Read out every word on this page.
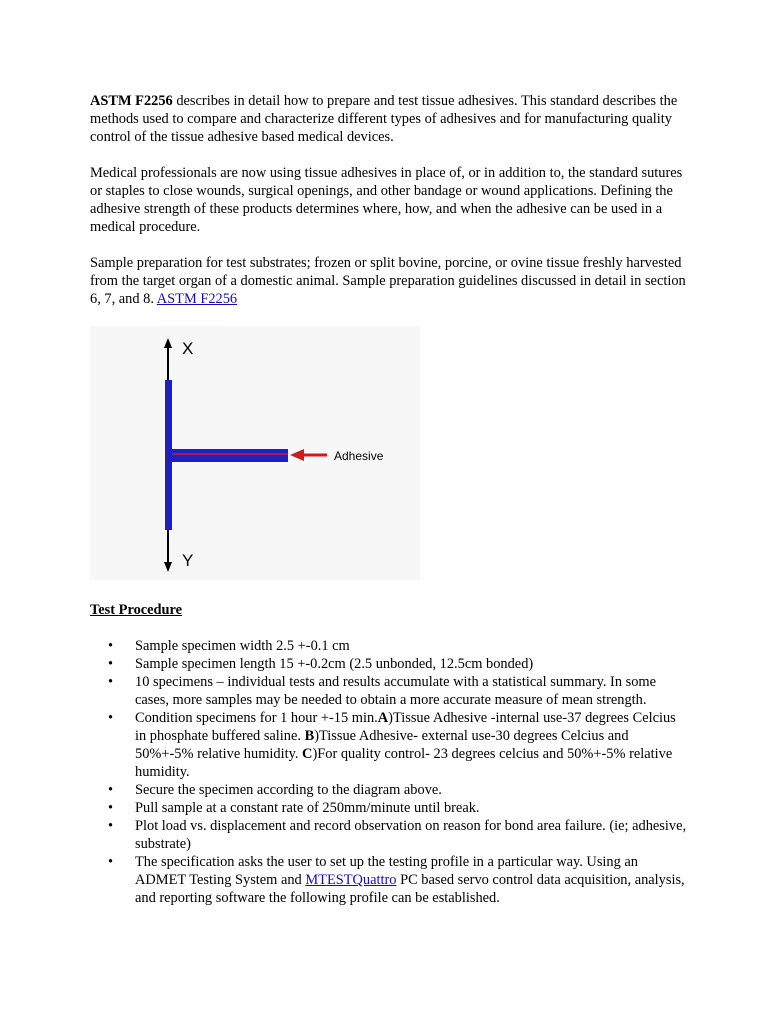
ASTM F2256 describes in detail how to prepare and test tissue adhesives. This standard describes the methods used to compare and characterize different types of adhesives and for manufacturing quality control of the tissue adhesive based medical devices.

Medical professionals are now using tissue adhesives in place of, or in addition to, the standard sutures or staples to close wounds, surgical openings, and other bandage or wound applications. Defining the adhesive strength of these products determines where, how, and when the adhesive can be used in a medical procedure.

Sample preparation for test substrates; frozen or split bovine, porcine, or ovine tissue freshly harvested from the target organ of a domestic animal. Sample preparation guidelines discussed in detail in section 6, 7, and 8. ASTM F2256

X
Adhesive
Y
Test Procedure
• Sample specimen width 2.5 +-0.1 cm
• Sample specimen length 15 +-0.2cm (2.5 unbonded, 12.5cm bonded)
• 10 specimens – individual tests and results accumulate with a statistical summary. In some cases, more samples may be needed to obtain a more accurate measure of mean strength.
• Condition specimens for 1 hour +-15 min.A)Tissue Adhesive -internal use-37 degrees Celcius in phosphate buffered saline. B)Tissue Adhesive- external use-30 degrees Celcius and 50%+-5% relative humidity. C)For quality control- 23 degrees celcius and 50%+-5% relative humidity.
• Secure the specimen according to the diagram above.
• Pull sample at a constant rate of 250mm/minute until break.
• Plot load vs. displacement and record observation on reason for bond area failure. (ie; adhesive, substrate)
• The specification asks the user to set up the testing profile in a particular way. Using an ADMET Testing System and MTESTQuattro PC based servo control data acquisition, analysis, and reporting software the following profile can be established.
